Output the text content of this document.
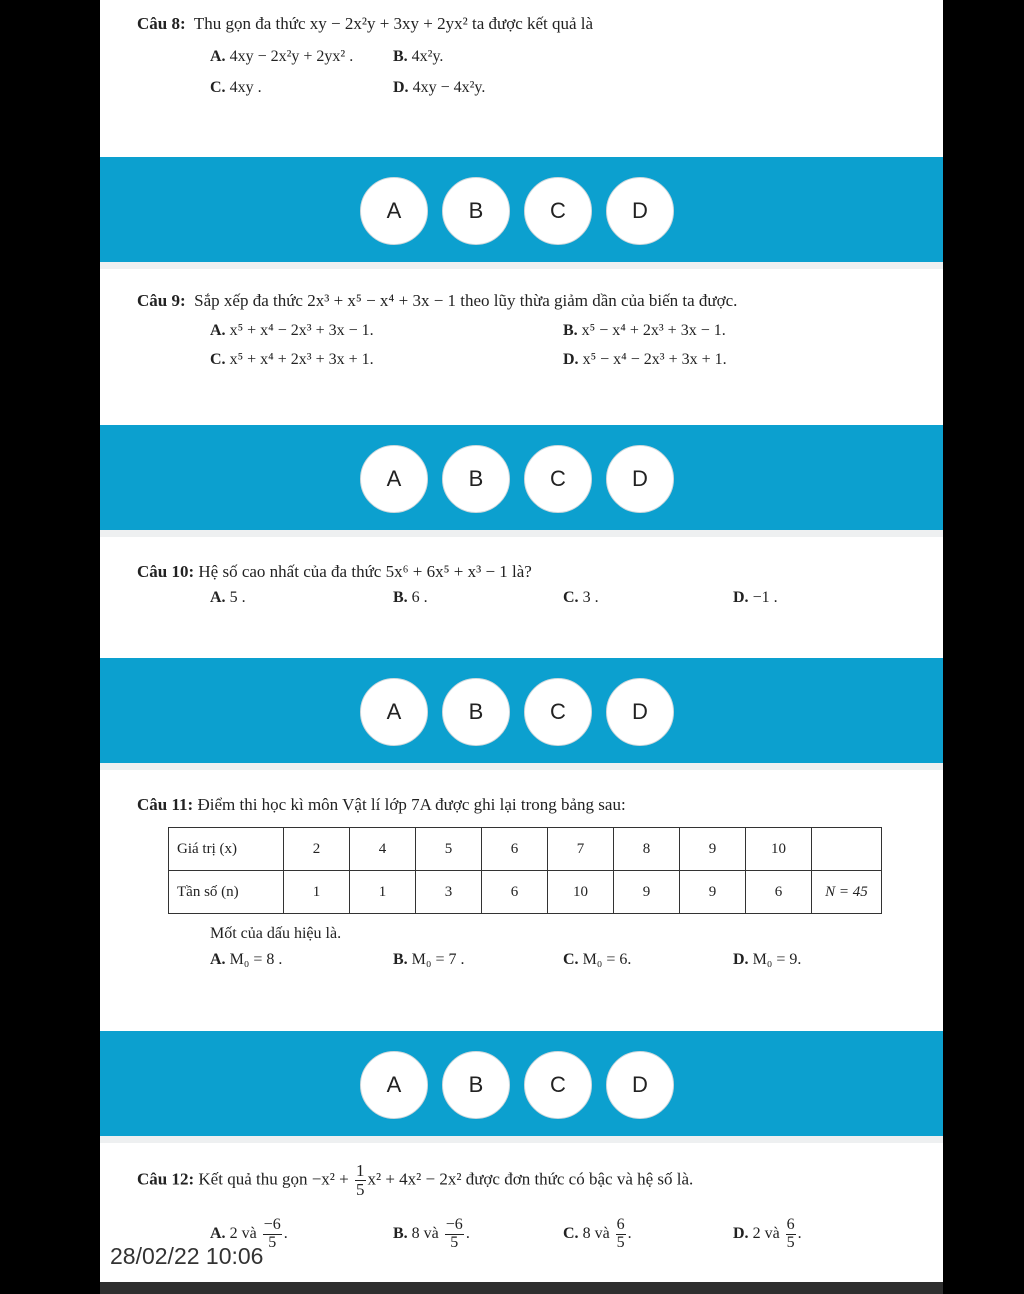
Câu 8: Thu gọn đa thức xy − 2x²y + 3xy + 2yx² ta được kết quả là
A. 4xy − 2x²y + 2yx² . B. 4x²y.
C. 4xy .	D. 4xy − 4x²y.
A	B	C	D
Câu 9: Sắp xếp đa thức 2x³ + x⁵ − x⁴ + 3x − 1 theo lũy thừa giảm dần của biến ta được.
A. x⁵ + x⁴ − 2x³ + 3x − 1.	B. x⁵ − x⁴ + 2x³ + 3x − 1.
C. x⁵ + x⁴ + 2x³ + 3x + 1.	D. x⁵ − x⁴ − 2x³ + 3x + 1.
A	B	C	D
Câu 10: Hệ số cao nhất của đa thức 5x⁶ + 6x⁵ + x³ − 1 là?
A. 5 .	B. 6 .	C. 3 .	D. −1 .
A	B	C	D
Câu 11: Điểm thi học kì môn Vật lí lớp 7A được ghi lại trong bảng sau:
Giá trị (x)	2	4	5	6	7	8	9	10	
Tần số (n)	1	1	3	6	10	9	9	6	N = 45
Mốt của dấu hiệu là.
A. M₀ = 8 .	B. M₀ = 7 .	C. M₀ = 6.	D. M₀ = 9.
A	B	C	D
Câu 12: Kết quả thu gọn $-x^2 + \frac{1}{5} x^2 + 4x^2 - 2x^2$ được đơn thức có bậc và hệ số là.
A. 2 và $\frac{-6}{5}$ .	B. 8 và $\frac{-6}{5}$ .	C. 8 và $\frac{6}{5}$ .	D. 2 và $\frac{6}{5}$ .
28/02/22 10:06
